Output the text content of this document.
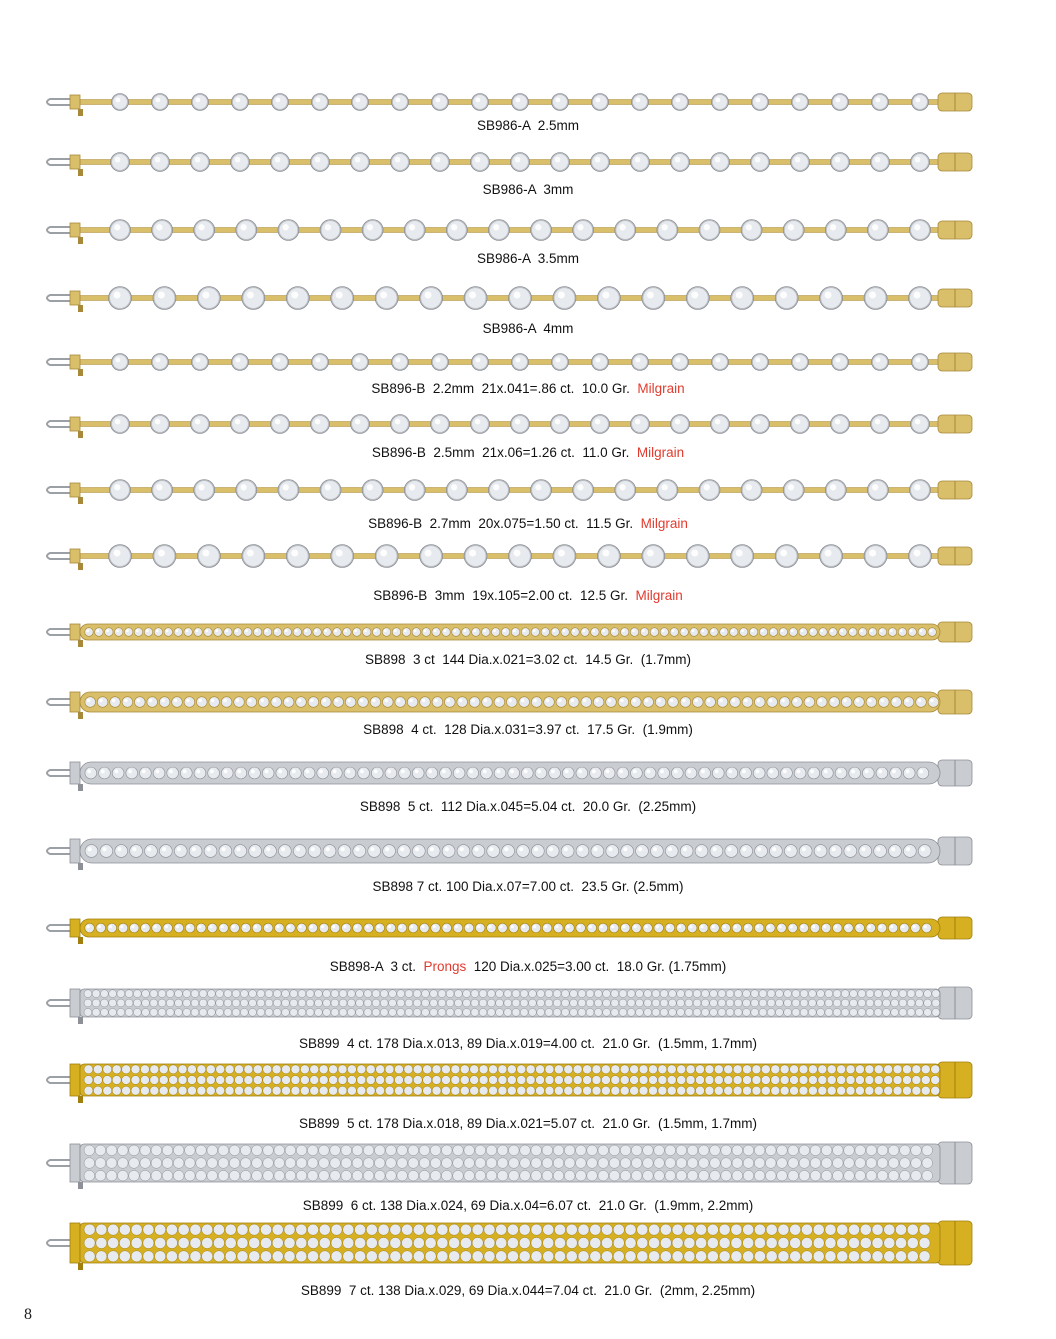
SB986-A  2.5mm
SB986-A  3mm
SB986-A  3.5mm
SB986-A  4mm
SB896-B  2.2mm  21x.041=.86 ct.  10.0 Gr.  Milgrain
SB896-B  2.5mm  21x.06=1.26 ct.  11.0 Gr.  Milgrain
SB896-B  2.7mm  20x.075=1.50 ct.  11.5 Gr.  Milgrain
SB896-B  3mm  19x.105=2.00 ct.  12.5 Gr.  Milgrain
SB898  3 ct  144 Dia.x.021=3.02 ct.  14.5 Gr.  (1.7mm)
SB898  4 ct.  128 Dia.x.031=3.97 ct.  17.5 Gr.  (1.9mm)
SB898  5 ct.  112 Dia.x.045=5.04 ct.  20.0 Gr.  (2.25mm)
SB898 7 ct. 100 Dia.x.07=7.00 ct.  23.5 Gr. (2.5mm)
SB898-A  3 ct.  Prongs  120 Dia.x.025=3.00 ct.  18.0 Gr. (1.75mm)
SB899  4 ct. 178 Dia.x.013, 89 Dia.x.019=4.00 ct.  21.0 Gr.  (1.5mm, 1.7mm)
SB899  5 ct. 178 Dia.x.018, 89 Dia.x.021=5.07 ct.  21.0 Gr.  (1.5mm, 1.7mm)
SB899  6 ct. 138 Dia.x.024, 69 Dia.x.04=6.07 ct.  21.0 Gr.  (1.9mm, 2.2mm)
SB899  7 ct. 138 Dia.x.029, 69 Dia.x.044=7.04 ct.  21.0 Gr.  (2mm, 2.25mm)
8
